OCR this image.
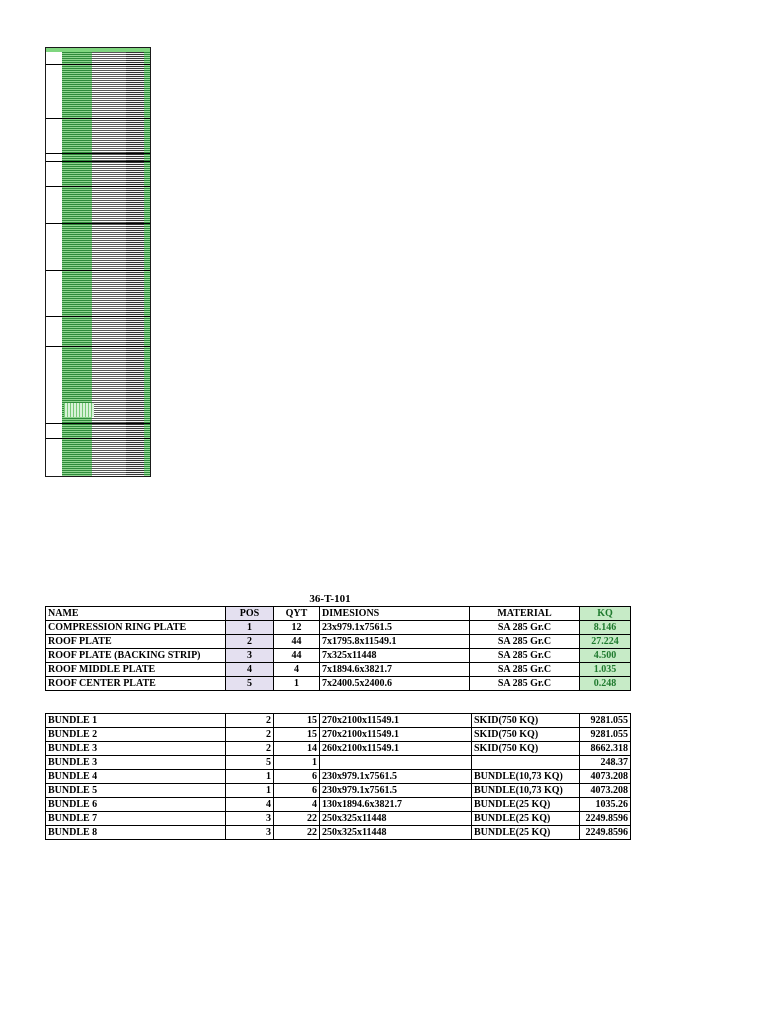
36-T-101
NAME	POS	QYT	DIMESIONS	MATERIAL	KQ
COMPRESSION RING PLATE	1	12	23x979.1x7561.5	SA 285 Gr.C	8.146
ROOF PLATE	2	44	7x1795.8x11549.1	SA 285 Gr.C	27.224
ROOF PLATE (BACKING STRIP)	3	44	7x325x11448	SA 285 Gr.C	4.500
ROOF MIDDLE PLATE	4	4	7x1894.6x3821.7	SA 285 Gr.C	1.035
ROOF CENTER PLATE	5	1	7x2400.5x2400.6	SA 285 Gr.C	0.248
BUNDLE 1	2	15	270x2100x11549.1	SKID(750 KQ)	9281.055
BUNDLE 2	2	15	270x2100x11549.1	SKID(750 KQ)	9281.055
BUNDLE 3	2	14	260x2100x11549.1	SKID(750 KQ)	8662.318
BUNDLE 3	5	1			248.37
BUNDLE 4	1	6	230x979.1x7561.5	BUNDLE(10,73 KQ)	4073.208
BUNDLE 5	1	6	230x979.1x7561.5	BUNDLE(10,73 KQ)	4073.208
BUNDLE 6	4	4	130x1894.6x3821.7	BUNDLE(25 KQ)	1035.26
BUNDLE 7	3	22	250x325x11448	BUNDLE(25 KQ)	2249.8596
BUNDLE 8	3	22	250x325x11448	BUNDLE(25 KQ)	2249.8596
